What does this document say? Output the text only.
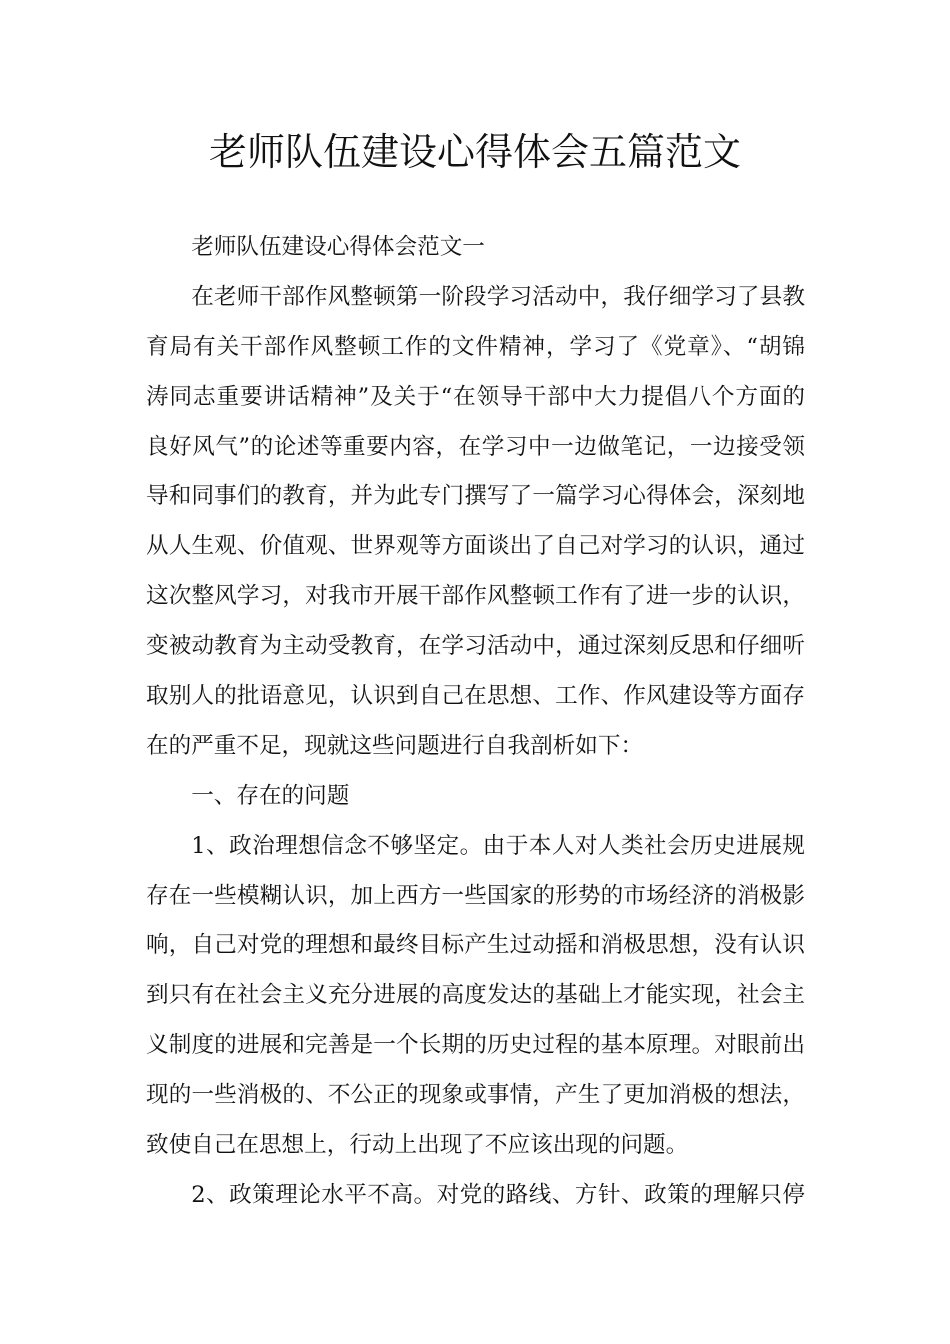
老师队伍建设心得体会五篇范文
老师队伍建设心得体会范文一
在老师干部作风整顿第一阶段学习活动中，我仔细学习了县教
育局有关干部作风整顿工作的文件精神，学习了《党章》、“胡锦
涛同志重要讲话精神”及关于“在领导干部中大力提倡八个方面的
良好风气”的论述等重要内容，在学习中一边做笔记，一边接受领
导和同事们的教育，并为此专门撰写了一篇学习心得体会，深刻地
从人生观、价值观、世界观等方面谈出了自己对学习的认识，通过
这次整风学习，对我市开展干部作风整顿工作有了进一步的认识，
变被动教育为主动受教育，在学习活动中，通过深刻反思和仔细听
取别人的批语意见，认识到自己在思想、工作、作风建设等方面存
在的严重不足，现就这些问题进行自我剖析如下：
一、存在的问题
1、政治理想信念不够坚定。由于本人对人类社会历史进展规
存在一些模糊认识，加上西方一些国家的形势的市场经济的消极影
响，自己对党的理想和最终目标产生过动摇和消极思想，没有认识
到只有在社会主义充分进展的高度发达的基础上才能实现，社会主
义制度的进展和完善是一个长期的历史过程的基本原理。对眼前出
现的一些消极的、不公正的现象或事情，产生了更加消极的想法，
致使自己在思想上，行动上出现了不应该出现的问题。
2、政策理论水平不高。对党的路线、方针、政策的理解只停
